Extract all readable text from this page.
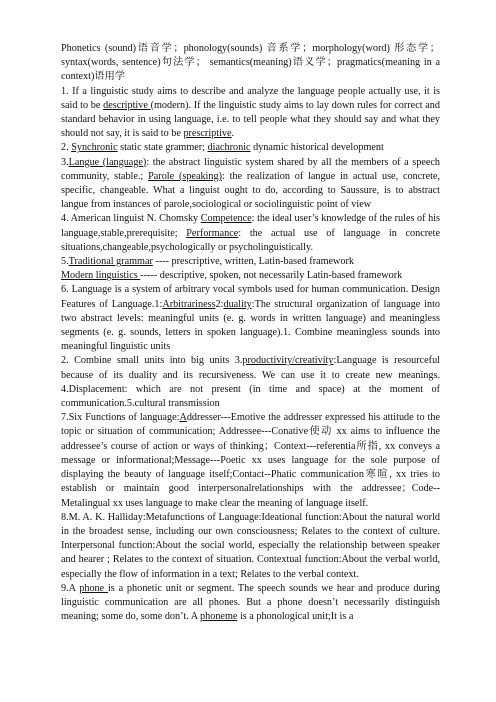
Phonetics (sound)语音学；phonology(sounds) 音系学；morphology(word) 形态学；syntax(words, sentence)句法学； semantics(meaning)语义学；pragmatics(meaning in a context)语用学

1. If a linguistic study aims to describe and analyze the language people actually use, it is said to be descriptive (modern). If the linguistic study aims to lay down rules for correct and standard behavior in using language, i.e. to tell people what they should say and what they should not say, it is said to be prescriptive.

2. Synchronic static state grammer; diachronic dynamic historical development

3.Langue (language): the abstract linguistic system shared by all the members of a speech community, stable.; Parole (speaking): the realization of langue in actual use, concrete, specific, changeable. What a linguist ought to do, according to Saussure, is to abstract langue from instances of parole,sociological or sociolinguistic point of view

4. American linguist N. Chomsky Competence: the ideal user’s knowledge of the rules of his language,stable,prerequisite; Performance: the actual use of language in concrete situations,changeable,psychologically or psycholinguistically.

5.Traditional grammar ---- prescriptive, written, Latin-based framework

Modern linguistics ----- descriptive, spoken, not necessarily Latin-based framework

6. Language is a system of arbitrary vocal symbols used for human communication. Design Features of Language.1:Arbitrariness2:duality:The structural organization of language into two abstract levels: meaningful units (e. g. words in written language) and meaningless segments (e. g. sounds, letters in spoken language).1. Combine meaningless sounds into meaningful linguistic units

2. Combine small units into big units 3.productivity/creativity:Language is resourceful because of its duality and its recursiveness. We can use it to create new meanings. 4.Displacement: which are not present (in time and space) at the moment of communication.5.cultural transmission

7.Six Functions of language:Addresser---Emotive the addresser expressed his attitude to the topic or situation of communication; Addressee---Conative使动 xx aims to influence the addressee’s course of action or ways of thinking；Context---referentia所指, xx conveys a message or informational;Message---Poetic xx uses language for the sole purpose of displaying the beauty of language itself;Contact--Phatic communication寒暄, xx tries to establish or maintain good interpersonalrelationships with the addressee；Code--Metalingual xx uses language to make clear the meaning of language itself.

8.M. A. K. Halliday:Metafunctions of Language:Ideational function:About the natural world in the broadest sense, including our own consciousness; Relates to the context of culture. Interpersonal function:About the social world, especially the relationship between speaker and hearer ; Relates to the context of situation. Contextual function:About the verbal world, especially the flow of information in a text; Relates to the verbal context.

9.A phone is a phonetic unit or segment. The speech sounds we hear and produce during linguistic communication are all phones. But a phone doesn’t necessarily distinguish meaning; some do, some don’t. A phoneme is a phonological unit;It is a
